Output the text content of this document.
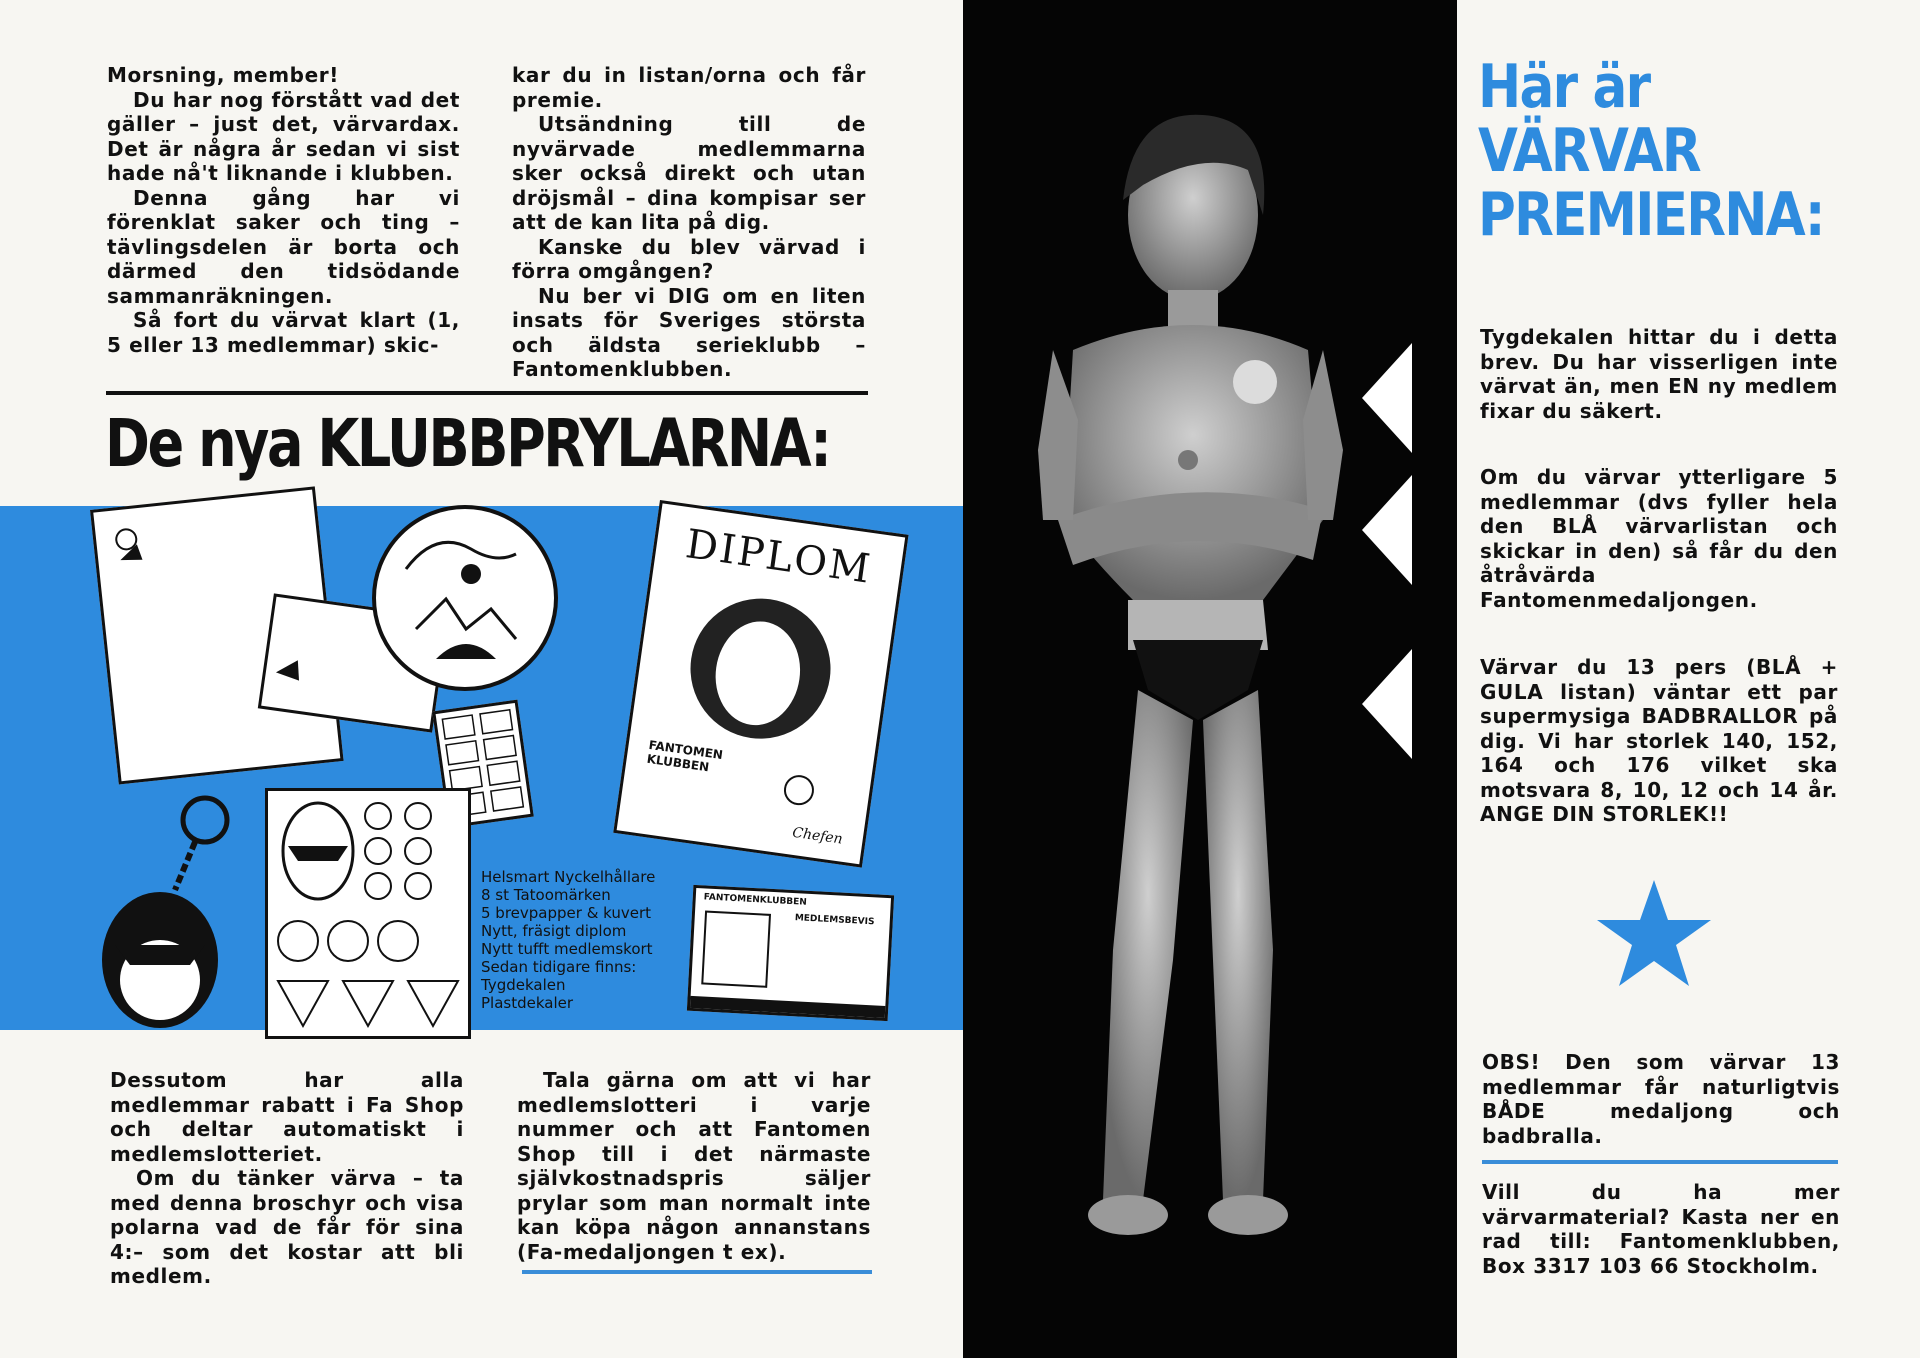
Morsning, member!

Du har nog förstått vad det gäller – just det, värvardax. Det är några år sedan vi sist hade nå't liknande i klubben.

Denna gång har vi förenklat saker och ting – tävlingsdelen är borta och därmed den tidsödande sammanräkningen.

Så fort du värvat klart (1, 5 eller 13 medlemmar) skic-

kar du in listan/orna och får premie.

Utsändning till de nyvärvade medlemmarna sker också direkt och utan dröjsmål – dina kompisar ser att de kan lita på dig.

Kanske du blev värvad i förra omgången?

Nu ber vi DIG om en liten insats för Sveriges största och äldsta serieklubb – Fantomenklubben.

De nya KLUBBPRYLARNA:
DIPLOM
FANTOMEN KLUBBEN
Chefen
Helsmart Nyckelhållare
8 st Tatoomärken
5 brevpapper & kuvert
Nytt, fräsigt diplom
Nytt tufft medlemskort
Sedan tidigare finns:
Tygdekalen
Plastdekaler
FANTOMENKLUBBEN
MEDLEMSBEVIS

Dessutom har alla medlemmar rabatt i Fa Shop och deltar automatiskt i medlemslotteriet.

Om du tänker värva – ta med denna broschyr och visa polarna vad de får för sina 4:– som det kostar att bli medlem.

Tala gärna om att vi har medlemslotteri i varje nummer och att Fantomen Shop till i det närmaste självkostnadspris säljer prylar som man normalt inte kan köpa någon annanstans (Fa-medaljongen t ex).

Här är
VÄRVAR
PREMIERNA:
Tygdekalen hittar du i detta brev. Du har visserligen inte värvat än, men EN ny medlem fixar du säkert.
Om du värvar ytterligare 5 medlemmar (dvs fyller hela den BLÅ värvarlistan och skickar in den) så får du den åtråvärda Fantomenmedaljongen.
Värvar du 13 pers (BLÅ + GULA listan) väntar ett par supermysiga BADBRALLOR på dig. Vi har storlek 140, 152, 164 och 176 vilket ska motsvara 8, 10, 12 och 14 år. ANGE DIN STORLEK!!
OBS! Den som värvar 13 medlemmar får naturligtvis BÅDE medaljong och badbralla.
Vill du ha mer värvarmaterial? Kasta ner en rad till: Fantomenklubben, Box 3317 103 66 Stockholm.
